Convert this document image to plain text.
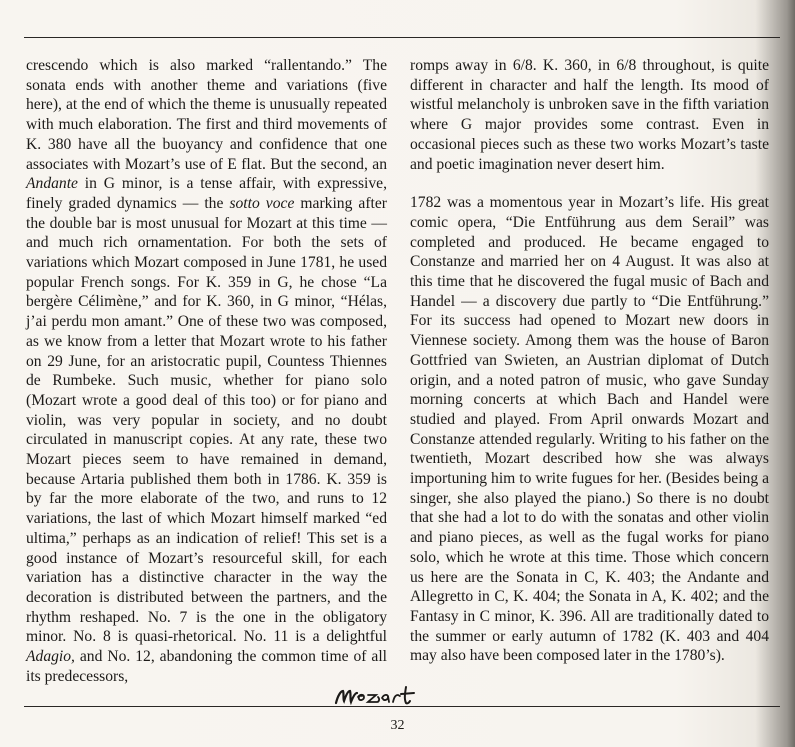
crescendo which is also marked “rallentando.” The sonata ends with another theme and variations (five here), at the end of which the theme is unusually repeated with much elaboration. The first and third movements of K. 380 have all the buoyancy and confidence that one associates with Mozart’s use of E flat. But the second, an Andante in G minor, is a tense affair, with expressive, finely graded dynamics — the sotto voce marking after the double bar is most unusual for Mozart at this time — and much rich ornamentation. For both the sets of variations which Mozart composed in June 1781, he used popular French songs. For K. 359 in G, he chose “La bergère Célimène,” and for K. 360, in G minor, “Hélas, j’ai perdu mon amant.” One of these two was composed, as we know from a letter that Mozart wrote to his father on 29 June, for an aristocratic pupil, Countess Thiennes de Rumbeke. Such music, whether for piano solo (Mozart wrote a good deal of this too) or for piano and violin, was very popular in society, and no doubt circulated in manuscript copies. At any rate, these two Mozart pieces seem to have remained in demand, because Artaria published them both in 1786. K. 359 is by far the more elaborate of the two, and runs to 12 variations, the last of which Mozart himself marked “ed ultima,” perhaps as an indication of relief! This set is a good instance of Mozart’s resourceful skill, for each variation has a distinctive character in the way the decoration is distributed between the partners, and the rhythm reshaped. No. 7 is the one in the obligatory minor. No. 8 is quasi-rhetorical. No. 11 is a delightful Adagio, and No. 12, abandoning the common time of all its predecessors,

romps away in 6/8. K. 360, in 6/8 throughout, is quite different in character and half the length. Its mood of wistful melancholy is unbroken save in the fifth variation where G major provides some contrast. Even in occasional pieces such as these two works Mozart’s taste and poetic imagination never desert him.

1782 was a momentous year in Mozart’s life. His great comic opera, “Die Entführung aus dem Serail” was completed and produced. He became engaged to Constanze and married her on 4 August. It was also at this time that he discovered the fugal music of Bach and Handel — a discovery due partly to “Die Entführung.” For its success had opened to Mozart new doors in Viennese society. Among them was the house of Baron Gottfried van Swieten, an Austrian diplomat of Dutch origin, and a noted patron of music, who gave Sunday morning concerts at which Bach and Handel were studied and played. From April onwards Mozart and Constanze attended regularly. Writing to his father on the twentieth, Mozart described how she was always importuning him to write fugues for her. (Besides being a singer, she also played the piano.) So there is no doubt that she had a lot to do with the sonatas and other violin and piano pieces, as well as the fugal works for piano solo, which he wrote at this time. Those which concern us here are the Sonata in C, K. 403; the Andante and Allegretto in C, K. 404; the Sonata in A, K. 402; and the Fantasy in C minor, K. 396. All are traditionally dated to the summer or early autumn of 1782 (K. 403 and 404 may also have been composed later in the 1780’s).

32
